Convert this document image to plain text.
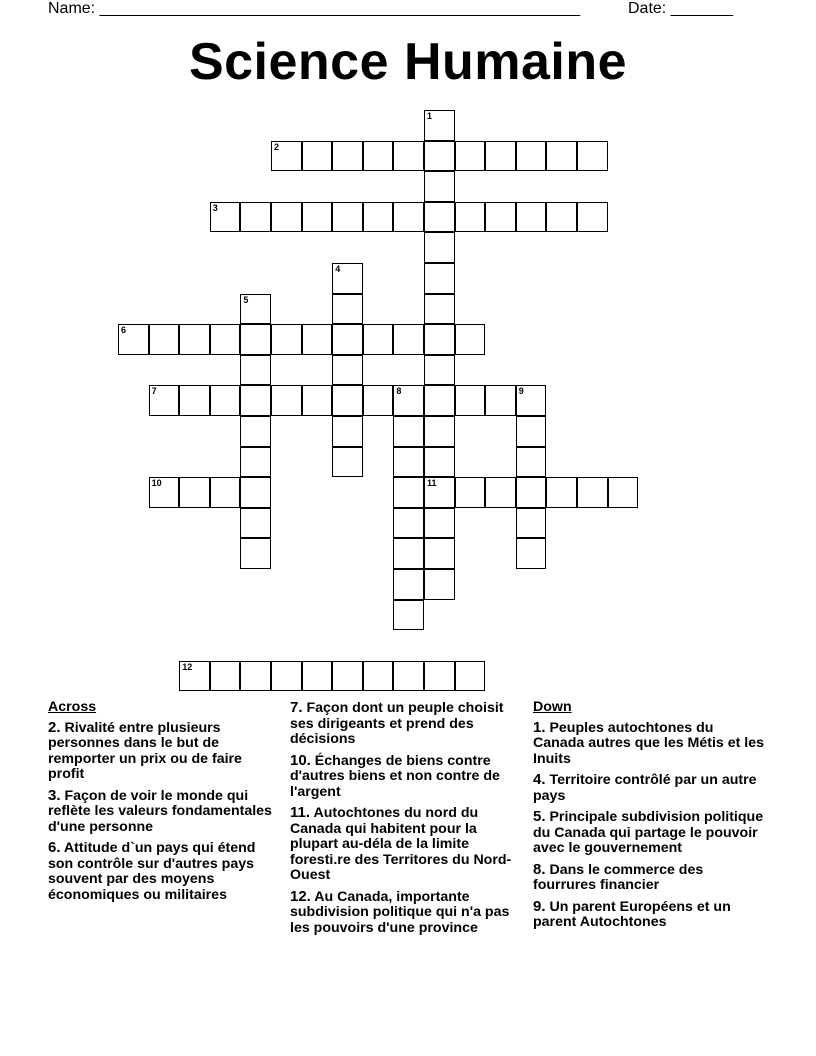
Name: ______________________________________________________	Date: _______
Science Humaine
1
11
2
3
4
5
6
7	8	9
10
12
Across
2. Rivalité entre plusieurs personnes dans le but de remporter un prix ou de faire profit
3. Façon de voir le monde qui reflète les valeurs fondamentales d'une personne
6. Attitude d`un pays qui étend son contrôle sur d'autres pays souvent par des moyens économiques ou militaires
7. Façon dont un peuple choisit ses dirigeants et prend des décisions
10. Échanges de biens contre d'autres biens et non contre de l'argent
11. Autochtones du nord du Canada qui habitent pour la plupart au-déla de la limite foresti.re des Territores du Nord-Ouest
12. Au Canada, importante subdivision politique qui n'a pas les pouvoirs d'une province
Down
1. Peuples autochtones du Canada autres que les Métis et les Inuits
4. Territoire contrôlé par un autre pays
5. Principale subdivision politique du Canada qui partage le pouvoir avec le gouvernement
8. Dans le commerce des fourrures financier
9. Un parent Européens et un parent Autochtones
